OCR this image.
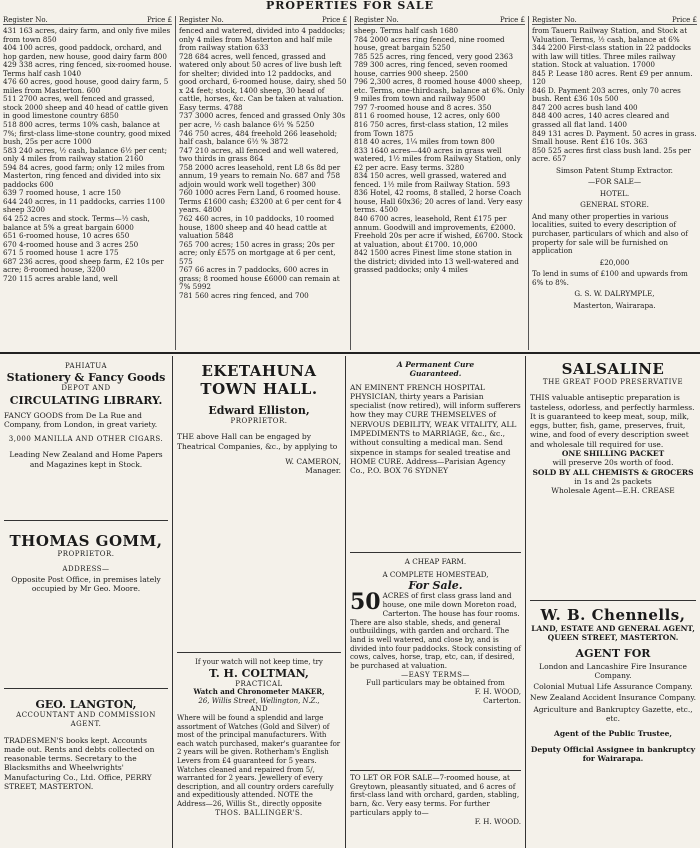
PROPERTIES FOR SALE
Register No.	Price £

431 163 acres, dairy farm, and only five miles from town 850

404 100 acres, good paddock, orchard, and hop garden, new house, good dairy farm 800

429 338 acres, ring fenced, six-roomed house. Terms half cash 1040

476 60 acres, good house, good dairy farm, 5 miles from Masterton. 600

511 2700 acres, well fenced and grassed, stock 2000 sheep and 40 head of cattle given in good limestone country 6850

518 800 acres, terms 10% cash, balance at 7%; first-class lime-stone country, good mixed bush, 25s per acre 1000

583 240 acres, ½ cash, balance 6½ per cent; only 4 miles from railway station 2160

594 84 acres, good farm; only 12 miles from Masterton, ring fenced and divided into six paddocks 600

639 7 roomed house, 1 acre 150

644 240 acres, in 11 paddocks, carries 1100 sheep 3200

64 252 acres and stock. Terms—½ cash, balance at 5% a great bargain 6000

651 6-roomed house, 10 acres 650

670 4-roomed house and 3 acres 250

671 5 roomed house 1 acre 175

687 236 acres, good sheep farm, £2 10s per acre; 8-roomed house, 3200

720 115 acres arable land, well

Register No.	Price £

fenced and watered, divided into 4 paddocks; only 4 miles from Masterton and half mile from railway station 633

728 684 acres, well fenced, grassed and watered only about 50 acres of live bush left for shelter; divided into 12 paddocks, and good orchard, 6-roomed house, dairy, shed 50 x 24 feet; stock, 1400 sheep, 30 head of cattle, horses, &c. Can be taken at valuation. Easy terms. 4788

737 3000 acres, fenced and grassed Only 30s per acre, ½ cash balance 6½ % 5250

746 750 acres, 484 freehold 266 leasehold; half cash, balance 6½ % 3872

747 210 acres, all fenced and well watered, two thirds in grass 864

758 2000 acres leasehold, rent L8 6s 8d per annum, 19 years to remain No. 687 and 758 adjoin would work well together) 300

760 1000 acres Fern Land, 6 roomed house. Terms £1600 cash; £3200 at 6 per cent for 4 years. 4800

762 460 acres, in 10 paddocks, 10 roomed house, 1800 sheep and 40 head cattle at valuation 5848

765 700 acres; 150 acres in grass; 20s per acre; only £575 on mortgage at 6 per cent, 575

767 66 acres in 7 paddocks, 600 acres in grass; 8 roomed house £6000 can remain at 7% 5992

781 560 acres ring fenced, and 700

Register No.	Price £

sheep. Terms half cash 1680

784 2000 acres ring fenced, nine roomed house, great bargain 5250

785 525 acres, ring fenced, very good 2363

789 300 acres, ring fenced, seven roomed house, carries 900 sheep. 2500

796 2,300 acres, 8 roomed house 4000 sheep, etc. Terms, one-thirdcash, balance at 6%. Only 9 miles from town and railway 9500

797 7-roomed house and 8 acres. 350

811 6 roomed house, 12 acres, only 600

816 750 acres, first-class station, 12 miles from Town 1875

818 40 acres, 1¼ miles from town 800

833 1640 acres—440 acres in grass well watered, 1½ miles from Railway Station, only £2 per acre. Easy terms. 3280

834 150 acres, well grassed, watered and fenced. 1½ mile from Railway Station. 593

836 Hotel, 42 rooms, 8 stalled, 2 horse Coach house, Hall 60x36; 20 acres of land. Very easy terms. 4500

840 6700 acres, leasehold, Rent £175 per annum. Goodwill and improvements, £2000. Freehold 20s per acre if wished, £6700. Stock at valuation, about £1700. 10,000

842 1500 acres Finest lime stone station in the district; divided into 13 well-watered and grassed paddocks; only 4 miles

Register No.	Price £

from Taueru Railway Station, and Stock at Valuation. Terms, ½ cash, balance at 6%

344 2200 First-class station in 22 paddocks with law will titles. Three miles railway station. Stock at valuation. 17000

845 P. Lease 180 acres. Rent £9 per annum. 120

846 D. Payment 203 acres, only 70 acres bush. Rent £36 10s 500

847 200 acres bush land 400

848 400 acres, 140 acres cleared and grassed all flat land. 1400

849 131 acres D. Payment. 50 acres in grass. Small house. Rent £16 10s. 363

850 525 acres first class bush land. 25s per acre. 657

Simson Patent Stump Extractor.

—FOR SALE—

HOTEL.

GENERAL STORE.

And many other properties in various localities, suited to every description of purchaser, particulars of which and also of property for sale will be furnished on application

£20,000

To lend in sums of £100 and upwards from 6% to 8%.

G. S. W. DALRYMPLE,

Masterton, Wairarapa.

PAHIATUA

Stationery & Fancy Goods

DEPOT AND

CIRCULATING LIBRARY.

FANCY GOODS from De La Rue and Company, from London, in great variety.

3,000 MANILLA AND OTHER CIGARS.

Leading New Zealand and Home Papers and Magazines kept in Stock.

THOMAS GOMM,

PROPRIETOR.

ADDRESS—

Opposite Post Office, in premises lately occupied by Mr Geo. Moore.

GEO. LANGTON,

ACCOUNTANT AND COMMISSION AGENT.

TRADESMEN'S books kept. Accounts made out. Rents and debts collected on reasonable terms. Secretary to the Blacksmiths and Wheelwrights' Manufacturing Co., Ltd. Office, PERRY STREET, MASTERTON.

EKETAHUNA TOWN HALL.

Edward Elliston,

PROPRIETOR.

THE above Hall can be engaged by Theatrical Companies, &c., by applying to

W. CAMERON,

Manager.

If your watch will not keep time, try

T. H. COLTMAN,

PRACTICAL

Watch and Chronometer MAKER,

26, Willis Street, Wellington, N.Z.,

AND

Where will be found a splendid and large assortment of Watches (Gold and Silver) of most of the principal manufacturers. With each watch purchased, maker's guarantee for 2 years will be given. Rotherham's English Levers from £4 guaranteed for 5 years. Watches cleaned and repaired from 5/, warranted for 2 years. Jewellery of every description, and all country orders carefully and expeditiously attended. NOTE the Address—26, Willis St., directly opposite

THOS. BALLINGER'S.

A Permanent Cure

Guaranteed.

AN EMINENT FRENCH HOSPITAL PHYSICIAN, thirty years a Parisian specialist (now retired), will inform sufferers how they may CURE THEMSELVES of NERVOUS DEBILITY, WEAK VITALITY, ALL IMPEDIMENTS to MARRIAGE, &c., &c., without consulting a medical man. Send sixpence in stamps for sealed treatise and HOME CURE. Address—Parisian Agency Co., P.O. BOX 76 SYDNEY

A CHEAP FARM.

A COMPLETE HOMESTEAD,

For Sale.

50 ACRES of first class grass land and house, one mile down Moreton road, Carterton. The house has four rooms. There are also stable, sheds, and general outbuildings, with garden and orchard. The land is well watered, and close by, and is divided into four paddocks. Stock consisting of cows, calves, horse, trap, etc, can, if desired, be purchased at valuation.

—EASY TERMS—

Full particulars may be obtained from

F. H. WOOD,

Carterton.

TO LET OR FOR SALE—7-roomed house, at Greytown, pleasantly situated, and 6 acres of first-class land with orchard, garden, stabling, barn, &c. Very easy terms. For further particulars apply to—

F. H. WOOD.

SALSALINE

THE GREAT FOOD PRESERVATIVE

THIS valuable antiseptic preparation is tasteless, odorless, and perfectly harmless. It is guaranteed to keep meat, soup, milk, eggs, butter, fish, game, preserves, fruit, wine, and food of every description sweet and wholesale till required for use.

ONE SHILLING PACKET

will preserve 20s worth of food.

SOLD BY ALL CHEMISTS & GROCERS

in 1s and 2s packets

Wholesale Agent—E.H. CREASE

W. B. Chennells,

LAND, ESTATE AND GENERAL AGENT,

QUEEN STREET, MASTERTON.

AGENT FOR

London and Lancashire Fire Insurance Company.

Colonial Mutual Life Assurance Company.

New Zealand Accident Insurance Company.

Agriculture and Bankruptcy Gazette, etc., etc.

Agent of the Public Trustee,

Deputy Official Assignee in bankruptcy for Wairarapa.
